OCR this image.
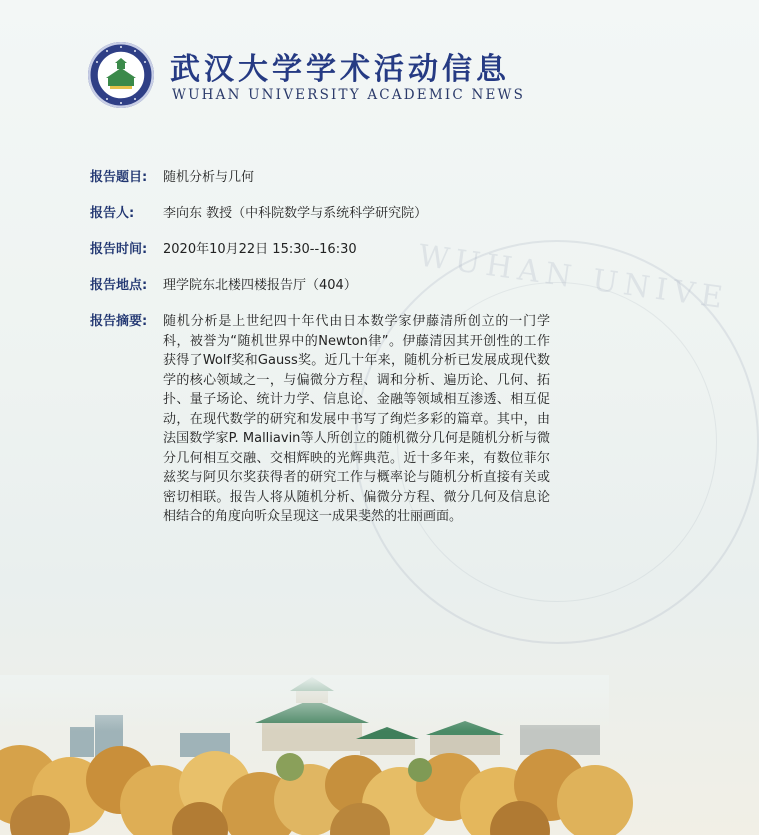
WUHAN UNIVE
武汉大学学术活动信息
WUHAN UNIVERSITY ACADEMIC NEWS
报告题目: 随机分析与几何
报告人: 李向东 教授（中科院数学与系统科学研究院）
报告时间: 2020年10月22日 15:30--16:30
报告地点: 理学院东北楼四楼报告厅（404）
报告摘要: 随机分析是上世纪四十年代由日本数学家伊藤清所创立的一门学科，被誉为“随机世界中的Newton律”。伊藤清因其开创性的工作获得了Wolf奖和Gauss奖。近几十年来，随机分析已发展成现代数学的核心领域之一，与偏微分方程、调和分析、遍历论、几何、拓扑、量子场论、统计力学、信息论、金融等领域相互渗透、相互促动，在现代数学的研究和发展中书写了绚烂多彩的篇章。其中，由法国数学家P. Malliavin等人所创立的随机微分几何是随机分析与微分几何相互交融、交相辉映的光辉典范。近十多年来，有数位菲尔兹奖与阿贝尔奖获得者的研究工作与概率论与随机分析直接有关或密切相联。报告人将从随机分析、偏微分方程、微分几何及信息论相结合的角度向听众呈现这一成果斐然的壮丽画面。
